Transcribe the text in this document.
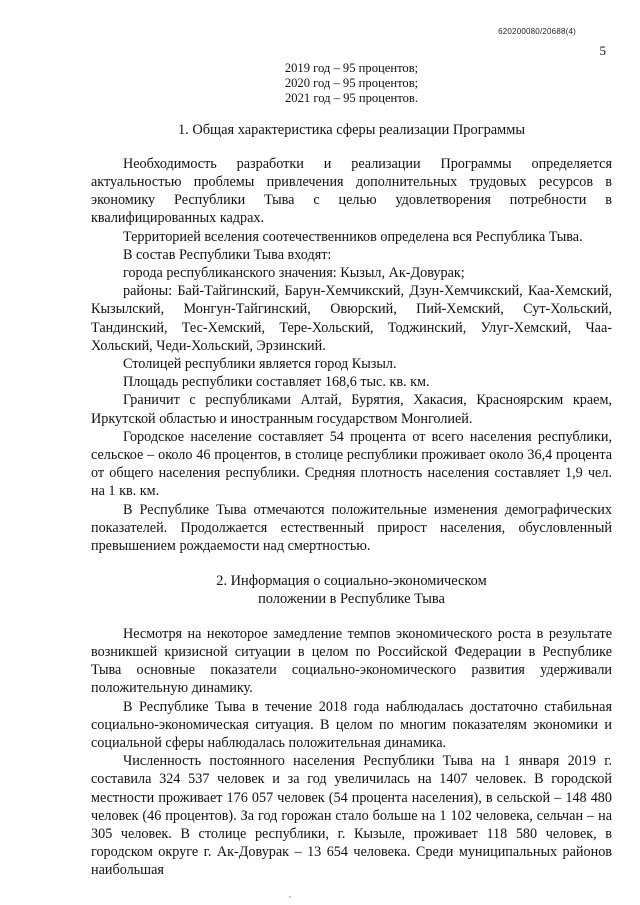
620200080/20688(4)
5
2019 год – 95 процентов;
2020 год – 95 процентов;
2021 год – 95 процентов.
1. Общая характеристика сферы реализации Программы

Необходимость разработки и реализации Программы определяется актуальностью проблемы привлечения дополнительных трудовых ресурсов в экономику Республики Тыва с целью удовлетворения потребности в квалифицированных кадрах.

Территорией вселения соотечественников определена вся Республика Тыва.

В состав Республики Тыва входят:

города республиканского значения: Кызыл, Ак-Довурак;

районы: Бай-Тайгинский, Барун-Хемчикский, Дзун-Хемчикский, Каа-Хемский, Кызылский, Монгун-Тайгинский, Овюрский, Пий-Хемский, Сут-Хольский, Тандинский, Тес-Хемский, Тере-Хольский, Тоджинский, Улуг-Хемский, Чаа-Хольский, Чеди-Хольский, Эрзинский.

Столицей республики является город Кызыл.

Площадь республики составляет 168,6 тыс. кв. км.

Граничит с республиками Алтай, Бурятия, Хакасия, Красноярским краем, Иркутской областью и иностранным государством Монголией.

Городское население составляет 54 процента от всего населения республики, сельское – около 46 процентов, в столице республики проживает около 36,4 процента от общего населения республики. Средняя плотность населения составляет 1,9 чел. на 1 кв. км.

В Республике Тыва отмечаются положительные изменения демографических показателей. Продолжается естественный прирост населения, обусловленный превышением рождаемости над смертностью.

2. Информация о социально-экономическом
положении в Республике Тыва

Несмотря на некоторое замедление темпов экономического роста в результате возникшей кризисной ситуации в целом по Российской Федерации в Республике Тыва основные показатели социально-экономического развития удерживали положительную динамику.

В Республике Тыва в течение 2018 года наблюдалась достаточно стабильная социально-экономическая ситуация. В целом по многим показателям экономики и социальной сферы наблюдалась положительная динамика.

Численность постоянного населения Республики Тыва на 1 января 2019 г. составила 324 537 человек и за год увеличилась на 1407 человек. В городской местности проживает 176 057 человек (54 процента населения), в сельской – 148 480 человек (46 процентов). За год горожан стало больше на 1 102 человека, сельчан – на 305 человек. В столице республики, г. Кызыле, проживает 118 580 человек, в городском округе г. Ак-Довурак – 13 654 человека. Среди муниципальных районов наибольшая
